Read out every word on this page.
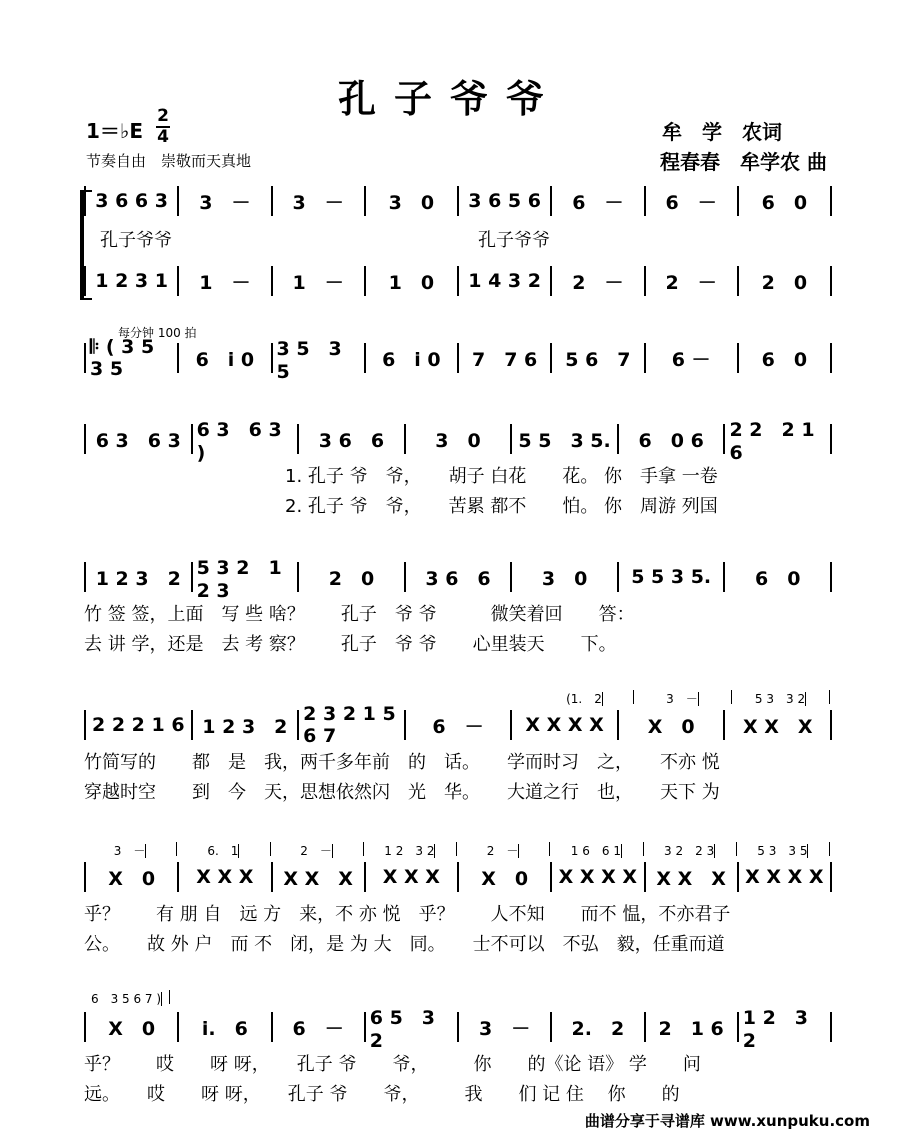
孔子爷爷
1＝♭E
2
4
节奏自由　崇敬而天真地
牟　学　农词
程春春　牟学农 曲
3 6 6 3 3　－ 3　－ 3　0 3 6 5 6 6　－ 6　－ 6　0
孔子爷爷　　　　　　　　　　　　　　　　　孔子爷爷
1 2 3 1 1　－ 1　－ 1　0 1 4 3 2 2　－ 2　－ 2　0
每分钟 100 拍
𝄆 ( 3 5 3 5	6　i 0 3 5　3 5
6　i 0 7　7 6 5 6　7 6 －	6　0
6 3　6 3 6 3　6 3 )
3 6　6	3　0 5 5　3 5. 6　0 6 2 2　2 1 6
1. 孔子 爷　爷，　　胡子 白花　　花。 你　手拿 一卷
2. 孔子 爷　爷，　　苦累 都不　　怕。 你　周游 列国
1 2 3　2 5 3 2　1 2 3
2　0	3 6　6	3　0 5 5 3 5. 6　0
竹 签 签，上面　写 些 啥？　　孔子　爷 爷　　　微笑着回　　答：
去 讲 学，还是　去 考 察？　　孔子　爷 爷　　心里装天　　下。
(1.　2	3　－	5 3　3 2
2 2 2 1 6 1 2 3　2
2 3 2 1 5 6 7	6　－ X X X X X　0	X X　X
竹简写的　　都　是　我，两千多年前　的　话。　　学而时习　之，　　不亦 悦
穿越时空　　到　今　天，思想依然闪　光　华。　　大道之行　也，　　天下 为
3　－	6.　1	2　－	1 2　3 2	2　－	1 6　6 1	3 2　2 3	5 3　3 5
X　0 X X X X X　X X X X X　0 X X X X X X　X X X X X
乎？　　有 朋 自　远 方　来，不 亦 悦　乎？　　人不知　　而不 愠，不亦君子
公。　　故 外 户　而 不　闭，是 为 大　同。　　士不可以　不弘　毅，任重而道
6　3 5 6 7 )
X　0 i.　6 6　－ 6 5　3 2
3　－ 2.　2 2　1 6 1 2　3 2
乎？　　哎　　呀 呀，　　孔子 爷　　爷，　　　你　　的《论 语》 学　　问
远。　　哎　　呀 呀，　　孔子 爷　　爷，　　　我　　们 记 住　 你　　的
曲谱分享于寻谱库 www.xunpuku.com
